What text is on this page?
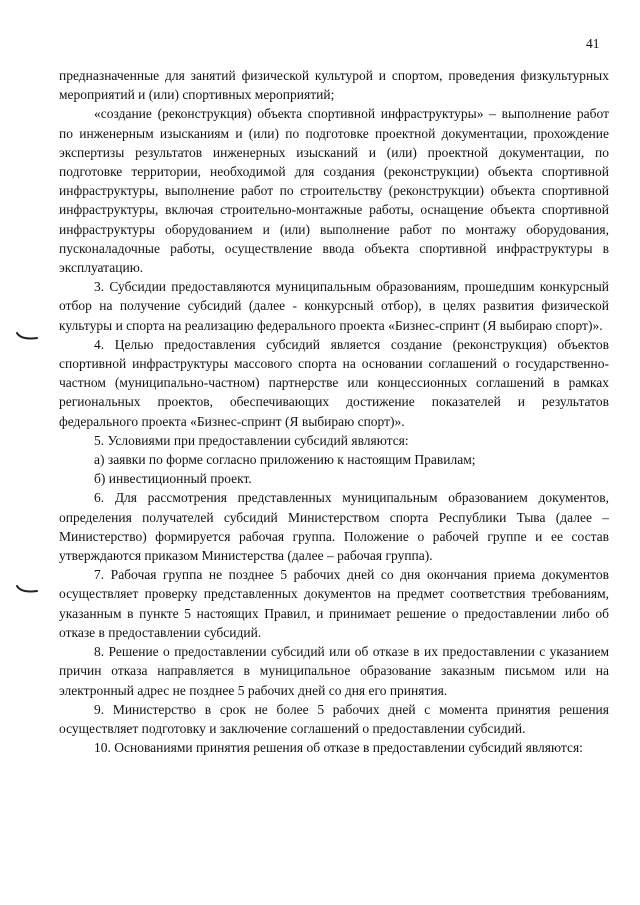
41

предназначенные для занятий физической культурой и спортом, проведения физкультурных мероприятий и (или) спортивных мероприятий;

«создание (реконструкция) объекта спортивной инфраструктуры» – выполнение работ по инженерным изысканиям и (или) по подготовке проектной документации, прохождение экспертизы результатов инженерных изысканий и (или) проектной документации, по подготовке территории, необходимой для создания (реконструкции) объекта спортивной инфраструктуры, выполнение работ по строительству (реконструкции) объекта спортивной инфраструктуры, включая строительно-монтажные работы, оснащение объекта спортивной инфраструктуры оборудованием и (или) выполнение работ по монтажу оборудования, пусконаладочные работы, осуществление ввода объекта спортивной инфраструктуры в эксплуатацию.

3. Субсидии предоставляются муниципальным образованиям, прошедшим конкурсный отбор на получение субсидий (далее - конкурсный отбор), в целях развития физической культуры и спорта на реализацию федерального проекта «Бизнес-спринт (Я выбираю спорт)».

4. Целью предоставления субсидий является создание (реконструкция) объектов спортивной инфраструктуры массового спорта на основании соглашений о государственно-частном (муниципально-частном) партнерстве или концессионных соглашений в рамках региональных проектов, обеспечивающих достижение показателей и результатов федерального проекта «Бизнес-спринт (Я выбираю спорт)».

5. Условиями при предоставлении субсидий являются:

а) заявки по форме согласно приложению к настоящим Правилам;

б) инвестиционный проект.

6. Для рассмотрения представленных муниципальным образованием документов, определения получателей субсидий Министерством спорта Республики Тыва (далее – Министерство) формируется рабочая группа. Положение о рабочей группе и ее состав утверждаются приказом Министерства (далее – рабочая группа).

7. Рабочая группа не позднее 5 рабочих дней со дня окончания приема документов осуществляет проверку представленных документов на предмет соответствия требованиям, указанным в пункте 5 настоящих Правил, и принимает решение о предоставлении либо об отказе в предоставлении субсидий.

8. Решение о предоставлении субсидий или об отказе в их предоставлении с указанием причин отказа направляется в муниципальное образование заказным письмом или на электронный адрес не позднее 5 рабочих дней со дня его принятия.

9. Министерство в срок не более 5 рабочих дней с момента принятия решения осуществляет подготовку и заключение соглашений о предоставлении субсидий.

10. Основаниями принятия решения об отказе в предоставлении субсидий являются:
